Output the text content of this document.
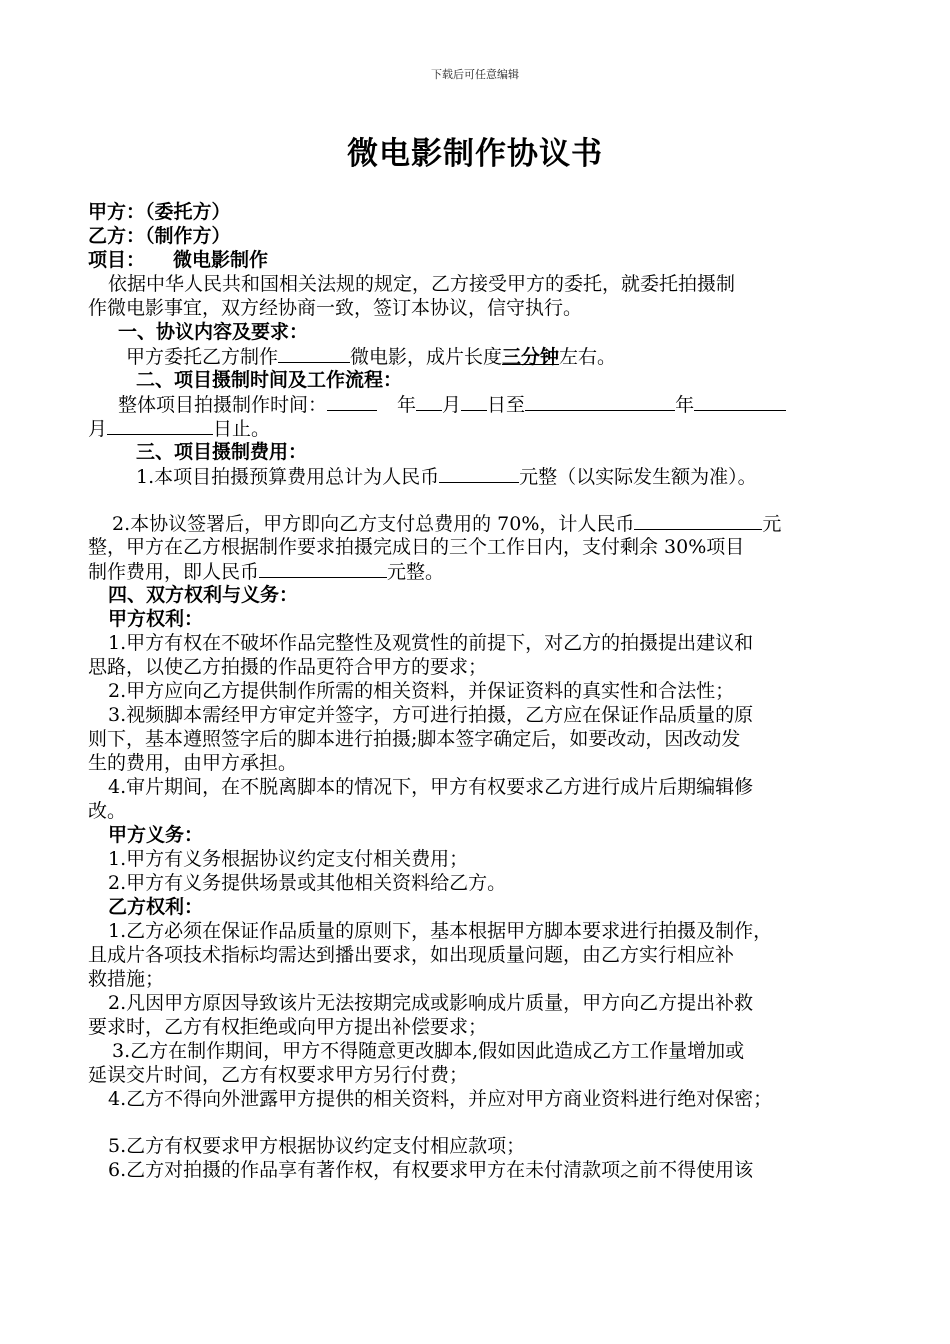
下载后可任意编辑
微电影制作协议书
甲方：（委托方）
乙方：（制作方）
项目： 微电影制作
依据中华人民共和国相关法规的规定，乙方接受甲方的委托，就委托拍摄制
作微电影事宜，双方经协商一致，签订本协议，信守执行。
一、协议内容及要求：
甲方委托乙方制作	微电影，成片长度三分钟左右。
二、项目摄制时间及工作流程：
整体项目拍摄制作时间：	年 月 日至	年
月	日止。
三、项目摄制费用：
1.本项目拍摄预算费用总计为人民币	元整（以实际发生额为准）。
2.本协议签署后，甲方即向乙方支付总费用的 70%，计人民币	元
整，甲方在乙方根据制作要求拍摄完成日的三个工作日内，支付剩余 30%项目
制作费用，即人民币	元整。
四、双方权利与义务：
甲方权利：
1.甲方有权在不破坏作品完整性及观赏性的前提下，对乙方的拍摄提出建议和
思路，以使乙方拍摄的作品更符合甲方的要求；
2.甲方应向乙方提供制作所需的相关资料，并保证资料的真实性和合法性；
3.视频脚本需经甲方审定并签字，方可进行拍摄，乙方应在保证作品质量的原
则下，基本遵照签字后的脚本进行拍摄;脚本签字确定后，如要改动，因改动发
生的费用，由甲方承担。
4.审片期间，在不脱离脚本的情况下，甲方有权要求乙方进行成片后期编辑修
改。
甲方义务：
1.甲方有义务根据协议约定支付相关费用；
2.甲方有义务提供场景或其他相关资料给乙方。
乙方权利：
1.乙方必须在保证作品质量的原则下，基本根据甲方脚本要求进行拍摄及制作，
且成片各项技术指标均需达到播出要求，如出现质量问题，由乙方实行相应补
救措施；
2.凡因甲方原因导致该片无法按期完成或影响成片质量，甲方向乙方提出补救
要求时，乙方有权拒绝或向甲方提出补偿要求；
3.乙方在制作期间，甲方不得随意更改脚本,假如因此造成乙方工作量增加或
延误交片时间，乙方有权要求甲方另行付费；
4.乙方不得向外泄露甲方提供的相关资料，并应对甲方商业资料进行绝对保密；
5.乙方有权要求甲方根据协议约定支付相应款项；
6.乙方对拍摄的作品享有著作权，有权要求甲方在未付清款项之前不得使用该
